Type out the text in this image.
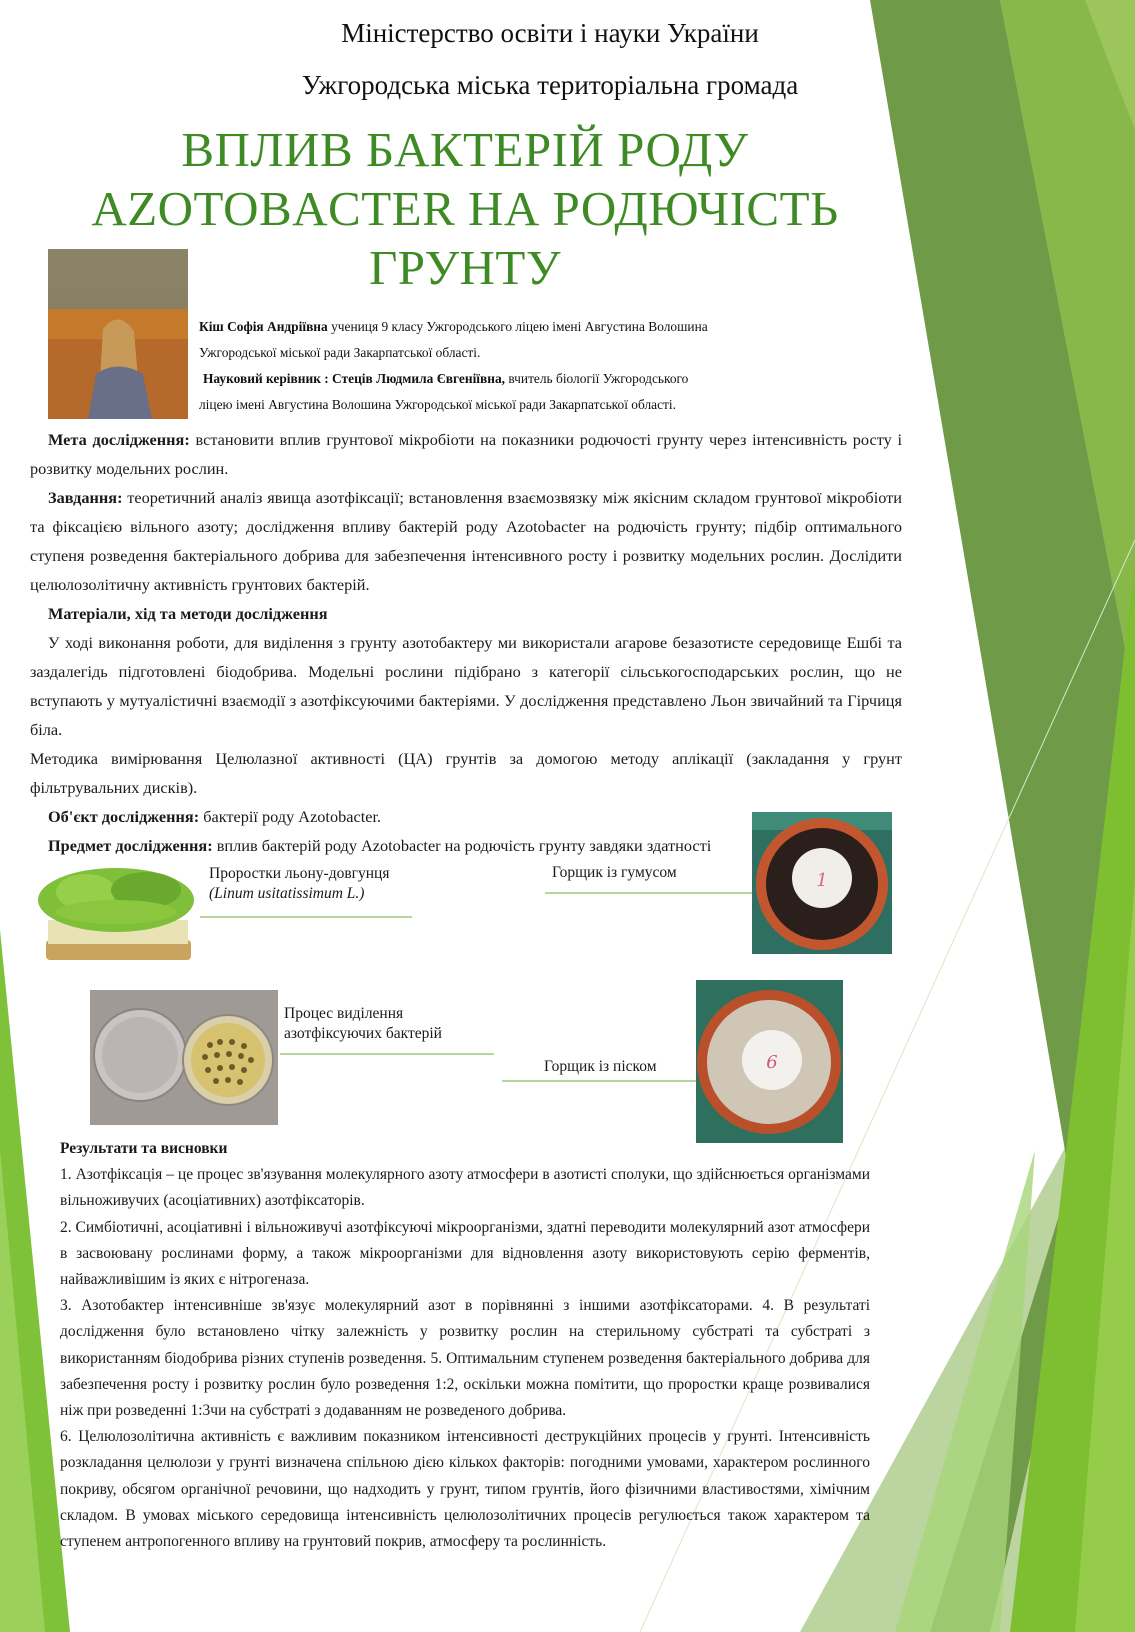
Міністерство освіти і науки України
Ужгородська міська територіальна громада
ВПЛИВ БАКТЕРІЙ РОДУ
AZOTOBACTER НА РОДЮЧІСТЬ
ГРУНТУ
Кіш Софія Андріївна учениця 9 класу Ужгородського ліцею імені Августина Волошина
Ужгородської міської ради Закарпатської області.
Науковий керівник : Стеців Людмила Євгеніївна, вчитель біології Ужгородського
ліцею імені Августина Волошина Ужгородської міської ради Закарпатської області.

Мета дослідження: встановити вплив грунтової мікробіоти на показники родючості грунту через інтенсивність росту і розвитку модельних рослин.

Завдання: теоретичний аналіз явища азотфіксації; встановлення взаємозвязку між якісним складом грунтової мікробіоти та фіксацією вільного азоту; дослідження впливу бактерій роду Azotobacter на родючість грунту; підбір оптимального ступеня розведення бактеріального добрива для забезпечення інтенсивного росту і розвитку модельних рослин. Дослідити целюлозолітичну активність грунтових бактерій.

Матеріали, хід та методи дослідження

У ході виконання роботи, для виділення з грунту азотобактеру ми використали агарове безазотисте середовище Ешбі та заздалегідь підготовлені біодобрива. Модельні рослини підібрано з категорії сільськогосподарських рослин, що не вступають у мутуалістичні взаємодії з азотфіксуючими бактеріями. У дослідження представлено Льон звичайний та Гірчиця біла.

Методика вимірювання Целюлазної активності (ЦА) грунтів за домогою методу аплікації (закладання у грунт фільтрувальних дисків).

Об'єкт дослідження: бактерії роду Azotobacter.

Предмет дослідження: вплив бактерій роду Azotobacter на родючість грунту завдяки здатності

Проростки льону-довгунця
(Linum usitatissimum L.)
Горщик із гумусом	1
Процес виділення
азотфіксуючих бактерій
Горщик із піском	6

Результати та висновки

1. Азотфіксація – це процес зв'язування молекулярного азоту атмосфери в азотисті сполуки, що здійснюється організмами вільноживучих (асоціативних) азотфіксаторів.

2. Симбіотичні, асоціативні і вільноживучі азотфіксуючі мікроорганізми, здатні переводити молекулярний азот атмосфери в засвоювану рослинами форму, а також мікроорганізми для відновлення азоту використовують серію ферментів, найважливішим із яких є нітрогеназа.

3. Азотобактер інтенсивніше зв'язує молекулярний азот в порівнянні з іншими азотфіксаторами. 4. В результаті дослідження було встановлено чітку залежність у розвитку рослин на стерильному субстраті та субстраті з використанням біодобрива різних ступенів розведення. 5. Оптимальним ступенем розведення бактеріального добрива для забезпечення росту і розвитку рослин було розведення 1:2, оскільки можна помітити, що проростки краще розвивалися ніж при розведенні 1:3чи на субстраті з додаванням не розведеного добрива.

6. Целюлозолітична активність є важливим показником інтенсивності деструкційних процесів у грунті. Інтенсивність розкладання целюлози у грунті визначена спільною дією кількох факторів: погодними умовами, характером рослинного покриву, обсягом органічної речовини, що надходить у грунт, типом грунтів, його фізичними властивостями, хімічним складом. В умовах міського середовища інтенсивність целюлозолітичних процесів регулюється також характером та ступенем антропогенного впливу на грунтовий покрив, атмосферу та рослинність.
